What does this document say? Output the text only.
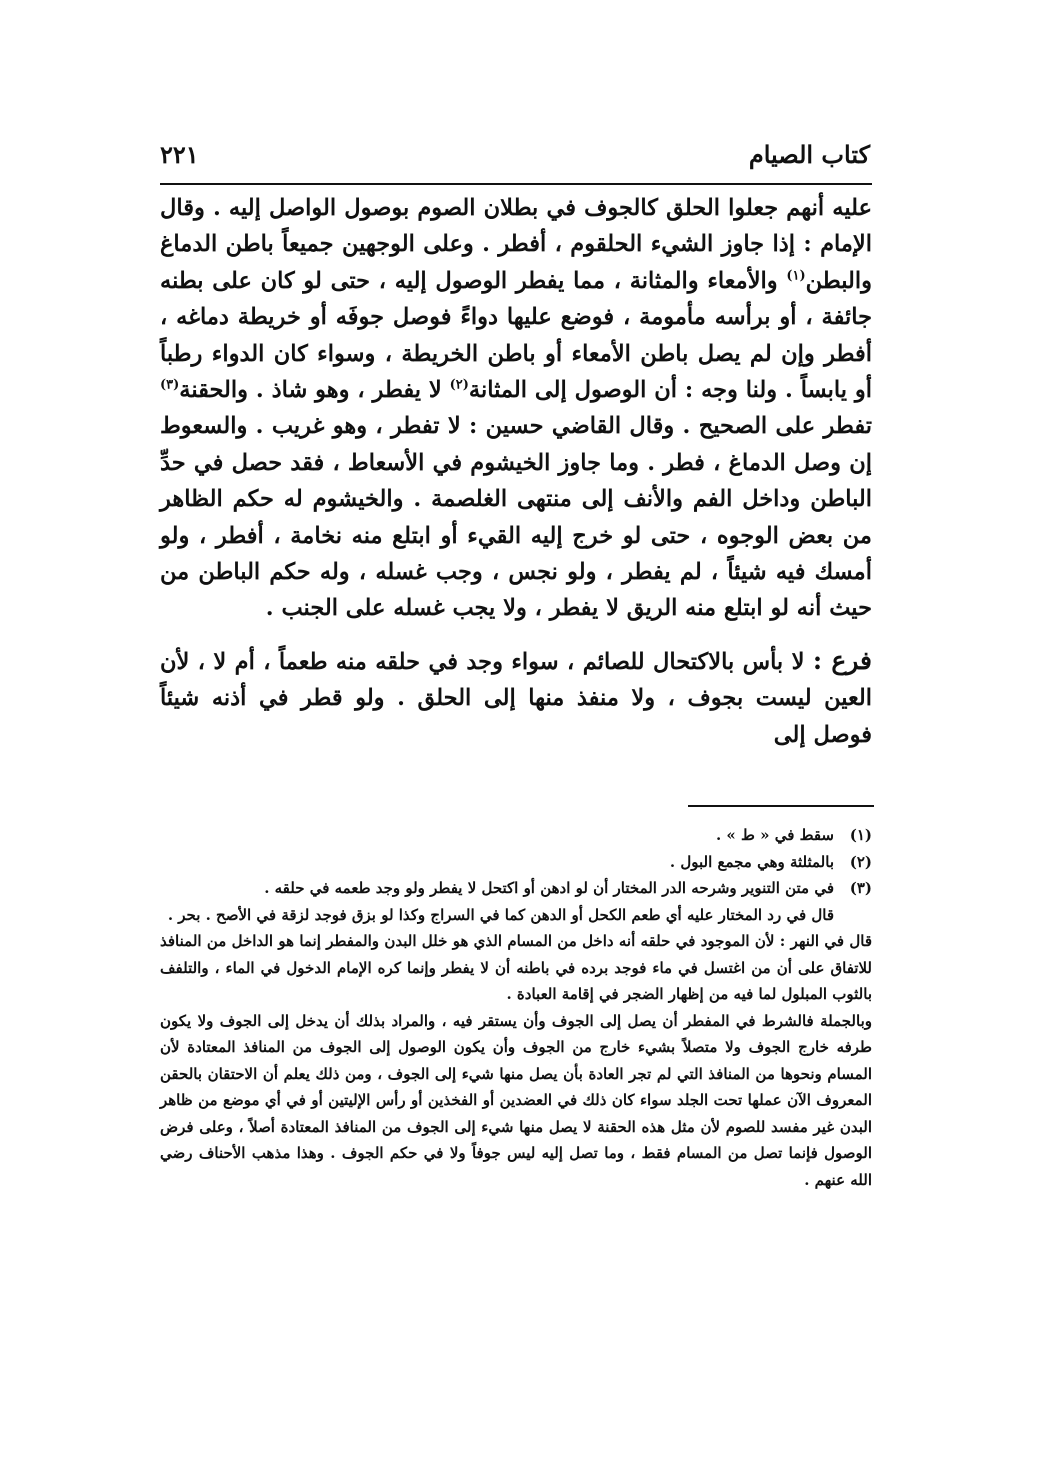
كتاب الصيام
٢٢١

عليه أنهم جعلوا الحلق كالجوف في بطلان الصوم بوصول الواصل إليه . وقال الإمام : إذا جاوز الشيء الحلقوم ، أفطر . وعلى الوجهين جميعاً باطن الدماغ والبطن$^{(١)}$ والأمعاء والمثانة ، مما يفطر الوصول إليه ، حتى لو كان على بطنه جائفة ، أو برأسه مأمومة ، فوضع عليها دواءً فوصل جوفَه أو خريطة دماغه ، أفطر وإن لم يصل باطن الأمعاء أو باطن الخريطة ، وسواء كان الدواء رطباً أو يابساً . ولنا وجه : أن الوصول إلى المثانة$^{(٢)}$ لا يفطر ، وهو شاذ . والحقنة$^{(٣)}$ تفطر على الصحيح . وقال القاضي حسين : لا تفطر ، وهو غريب . والسعوط إن وصل الدماغ ، فطر . وما جاوز الخيشوم في الأسعاط ، فقد حصل في حدِّ الباطن وداخل الفم والأنف إلى منتهى الغلصمة . والخيشوم له حكم الظاهر من بعض الوجوه ، حتى لو خرج إليه القيء أو ابتلع منه نخامة ، أفطر ، ولو أمسك فيه شيئاً ، لم يفطر ، ولو نجس ، وجب غسله ، وله حكم الباطن من حيث أنه لو ابتلع منه الريق لا يفطر ، ولا يجب غسله على الجنب .

فرع : لا بأس بالاكتحال للصائم ، سواء وجد في حلقه منه طعماً ، أم لا ، لأن العين ليست بجوف ، ولا منفذ منها إلى الحلق . ولو قطر في أذنه شيئاً فوصل إلى

(١)
سقط في « ط » .
(٢)
بالمثلثة وهي مجمع البول .
(٣)
في متن التنوير وشرحه الدر المختار أن لو ادهن أو اكتحل لا يفطر ولو وجد طعمه في حلقه .

قال في رد المختار عليه أي طعم الكحل أو الدهن كما في السراج وكذا لو بزق فوجد لزقة في الأصح . بحر .

قال في النهر : لأن الموجود في حلقه أنه داخل من المسام الذي هو خلل البدن والمفطر إنما هو الداخل من المنافذ للاتفاق على أن من اغتسل في ماء فوجد برده في باطنه أن لا يفطر وإنما كره الإمام الدخول في الماء ، والتلفف بالثوب المبلول لما فيه من إظهار الضجر في إقامة العبادة .

وبالجملة فالشرط في المفطر أن يصل إلى الجوف وأن يستقر فيه ، والمراد بذلك أن يدخل إلى الجوف ولا يكون طرفه خارج الجوف ولا متصلاً بشيء خارج من الجوف وأن يكون الوصول إلى الجوف من المنافذ المعتادة لأن المسام ونحوها من المنافذ التي لم تجر العادة بأن يصل منها شيء إلى الجوف ، ومن ذلك يعلم أن الاحتقان بالحقن المعروف الآن عملها تحت الجلد سواء كان ذلك في العضدين أو الفخذين أو رأس الإليتين أو في أي موضع من ظاهر البدن غير مفسد للصوم لأن مثل هذه الحقنة لا يصل منها شيء إلى الجوف من المنافذ المعتادة أصلاً ، وعلى فرض الوصول فإنما تصل من المسام فقط ، وما تصل إليه ليس جوفاً ولا في حكم الجوف . وهذا مذهب الأحناف رضي الله عنهم .
